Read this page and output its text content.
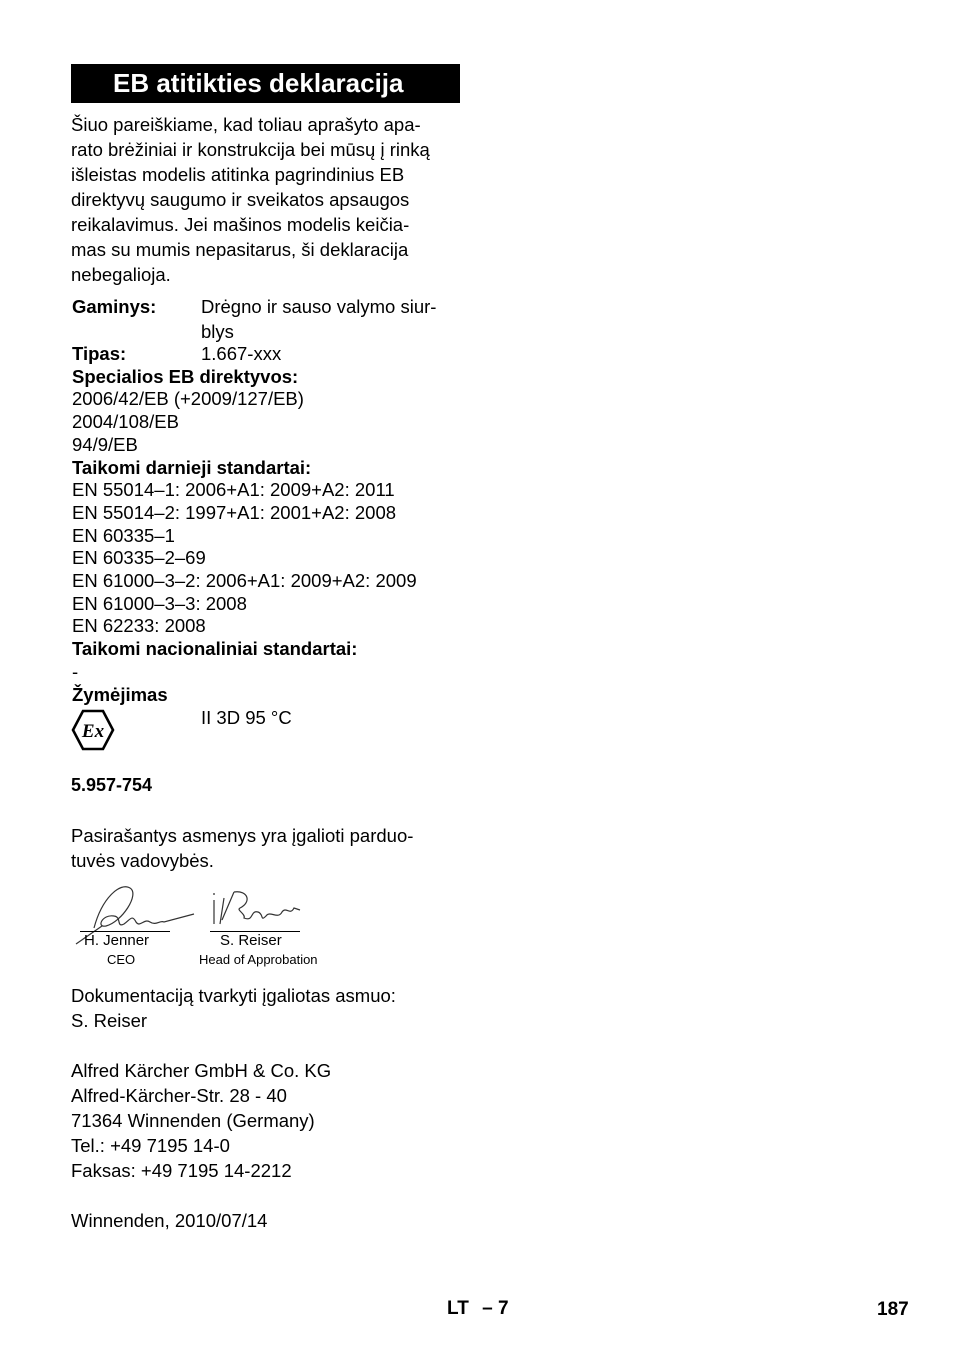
EB atitikties deklaracija
Šiuo pareiškiame, kad toliau aprašyto apa-
rato brėžiniai ir konstrukcija bei mūsų į rinką
išleistas modelis atitinka pagrindinius EB
direktyvų saugumo ir sveikatos apsaugos
reikalavimus. Jei mašinos modelis keičia-
mas su mumis nepasitarus, ši deklaracija
nebegalioja.
Gaminys:	Drėgno ir sauso valymo siur-
blys
Tipas:	1.667-xxx
Specialios EB direktyvos:
2006/42/EB (+2009/127/EB)
2004/108/EB
94/9/EB
Taikomi darnieji standartai:
EN 55014–1: 2006+A1: 2009+A2: 2011
EN 55014–2: 1997+A1: 2001+A2: 2008
EN 60335–1
EN 60335–2–69
EN 61000–3–2: 2006+A1: 2009+A2: 2009
EN 61000–3–3: 2008
EN 62233: 2008
Taikomi nacionaliniai standartai:
-
Žymėjimas
Ex
II 3D 95 °C
5.957-754
Pasirašantys asmenys yra įgalioti parduo-
tuvės vadovybės.
H. Jenner	S. Reiser
CEO	Head of Approbation
Dokumentaciją tvarkyti įgaliotas asmuo:
S. Reiser
Alfred Kärcher GmbH & Co. KG
Alfred-Kärcher-Str. 28 - 40
71364 Winnenden (Germany)
Tel.: +49 7195 14-0
Faksas: +49 7195 14-2212
Winnenden, 2010/07/14
LT – 7	187
